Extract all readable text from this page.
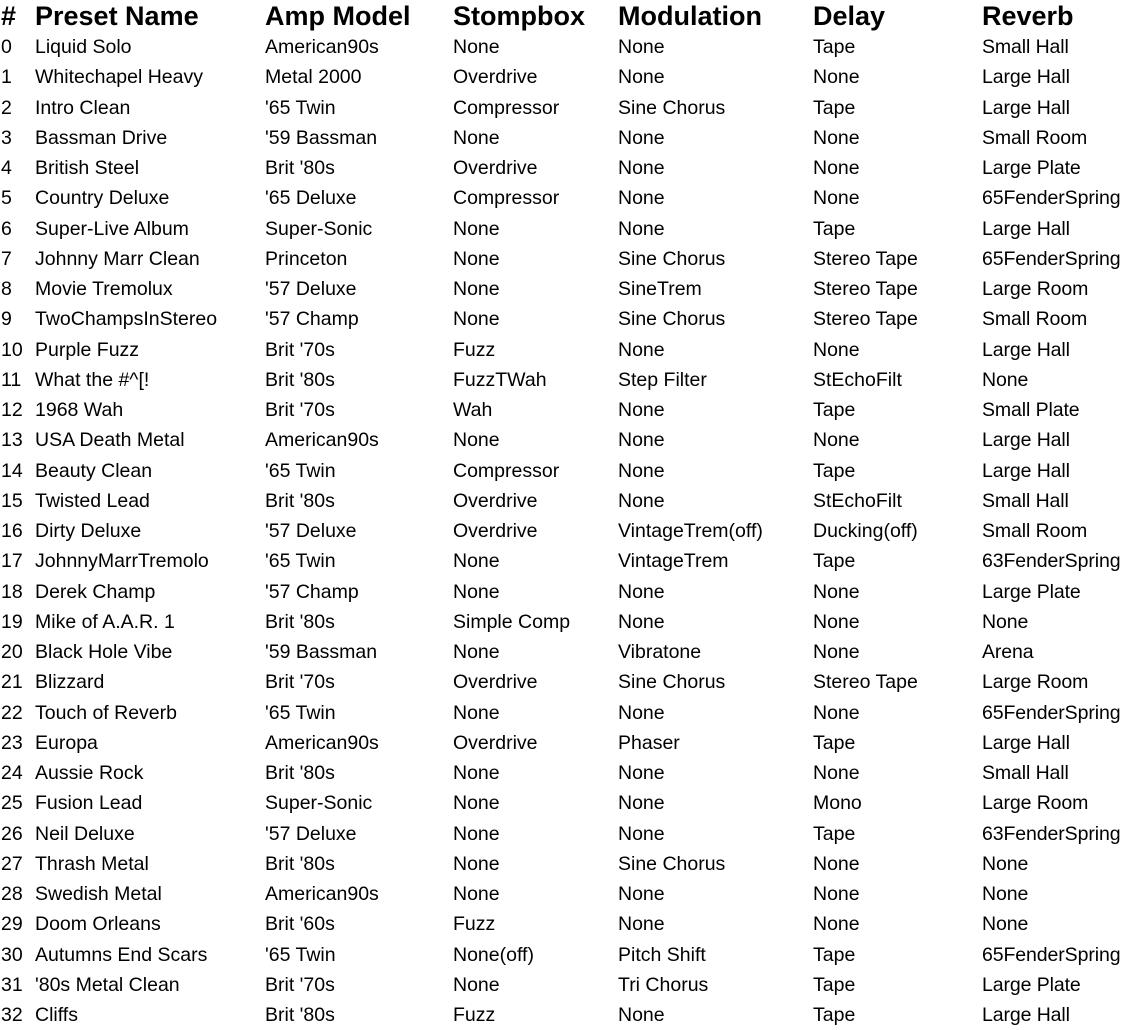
#	Preset Name	Amp Model	Stompbox	Modulation	Delay	Reverb
0	Liquid Solo	American90s	None	None	Tape	Small Hall
1	Whitechapel Heavy	Metal 2000	Overdrive	None	None	Large Hall
2	Intro Clean	'65 Twin	Compressor	Sine Chorus	Tape	Large Hall
3	Bassman Drive	'59 Bassman	None	None	None	Small Room
4	British Steel	Brit '80s	Overdrive	None	None	Large Plate
5	Country Deluxe	'65 Deluxe	Compressor	None	None	65FenderSpring
6	Super-Live Album	Super-Sonic	None	None	Tape	Large Hall
7	Johnny Marr Clean	Princeton	None	Sine Chorus	Stereo Tape	65FenderSpring
8	Movie Tremolux	'57 Deluxe	None	SineTrem	Stereo Tape	Large Room
9	TwoChampsInStereo	'57 Champ	None	Sine Chorus	Stereo Tape	Small Room
10	Purple Fuzz	Brit '70s	Fuzz	None	None	Large Hall
11	What the #^[!	Brit '80s	FuzzTWah	Step Filter	StEchoFilt	None
12	1968 Wah	Brit '70s	Wah	None	Tape	Small Plate
13	USA Death Metal	American90s	None	None	None	Large Hall
14	Beauty Clean	'65 Twin	Compressor	None	Tape	Large Hall
15	Twisted Lead	Brit '80s	Overdrive	None	StEchoFilt	Small Hall
16	Dirty Deluxe	'57 Deluxe	Overdrive	VintageTrem(off)	Ducking(off)	Small Room
17	JohnnyMarrTremolo	'65 Twin	None	VintageTrem	Tape	63FenderSpring
18	Derek Champ	'57 Champ	None	None	None	Large Plate
19	Mike of A.A.R. 1	Brit '80s	Simple Comp	None	None	None
20	Black Hole Vibe	'59 Bassman	None	Vibratone	None	Arena
21	Blizzard	Brit '70s	Overdrive	Sine Chorus	Stereo Tape	Large Room
22	Touch of Reverb	'65 Twin	None	None	None	65FenderSpring
23	Europa	American90s	Overdrive	Phaser	Tape	Large Hall
24	Aussie Rock	Brit '80s	None	None	None	Small Hall
25	Fusion Lead	Super-Sonic	None	None	Mono	Large Room
26	Neil Deluxe	'57 Deluxe	None	None	Tape	63FenderSpring
27	Thrash Metal	Brit '80s	None	Sine Chorus	None	None
28	Swedish Metal	American90s	None	None	None	None
29	Doom Orleans	Brit '60s	Fuzz	None	None	None
30	Autumns End Scars	'65 Twin	None(off)	Pitch Shift	Tape	65FenderSpring
31	'80s Metal Clean	Brit '70s	None	Tri Chorus	Tape	Large Plate
32	Cliffs	Brit '80s	Fuzz	None	Tape	Large Hall
